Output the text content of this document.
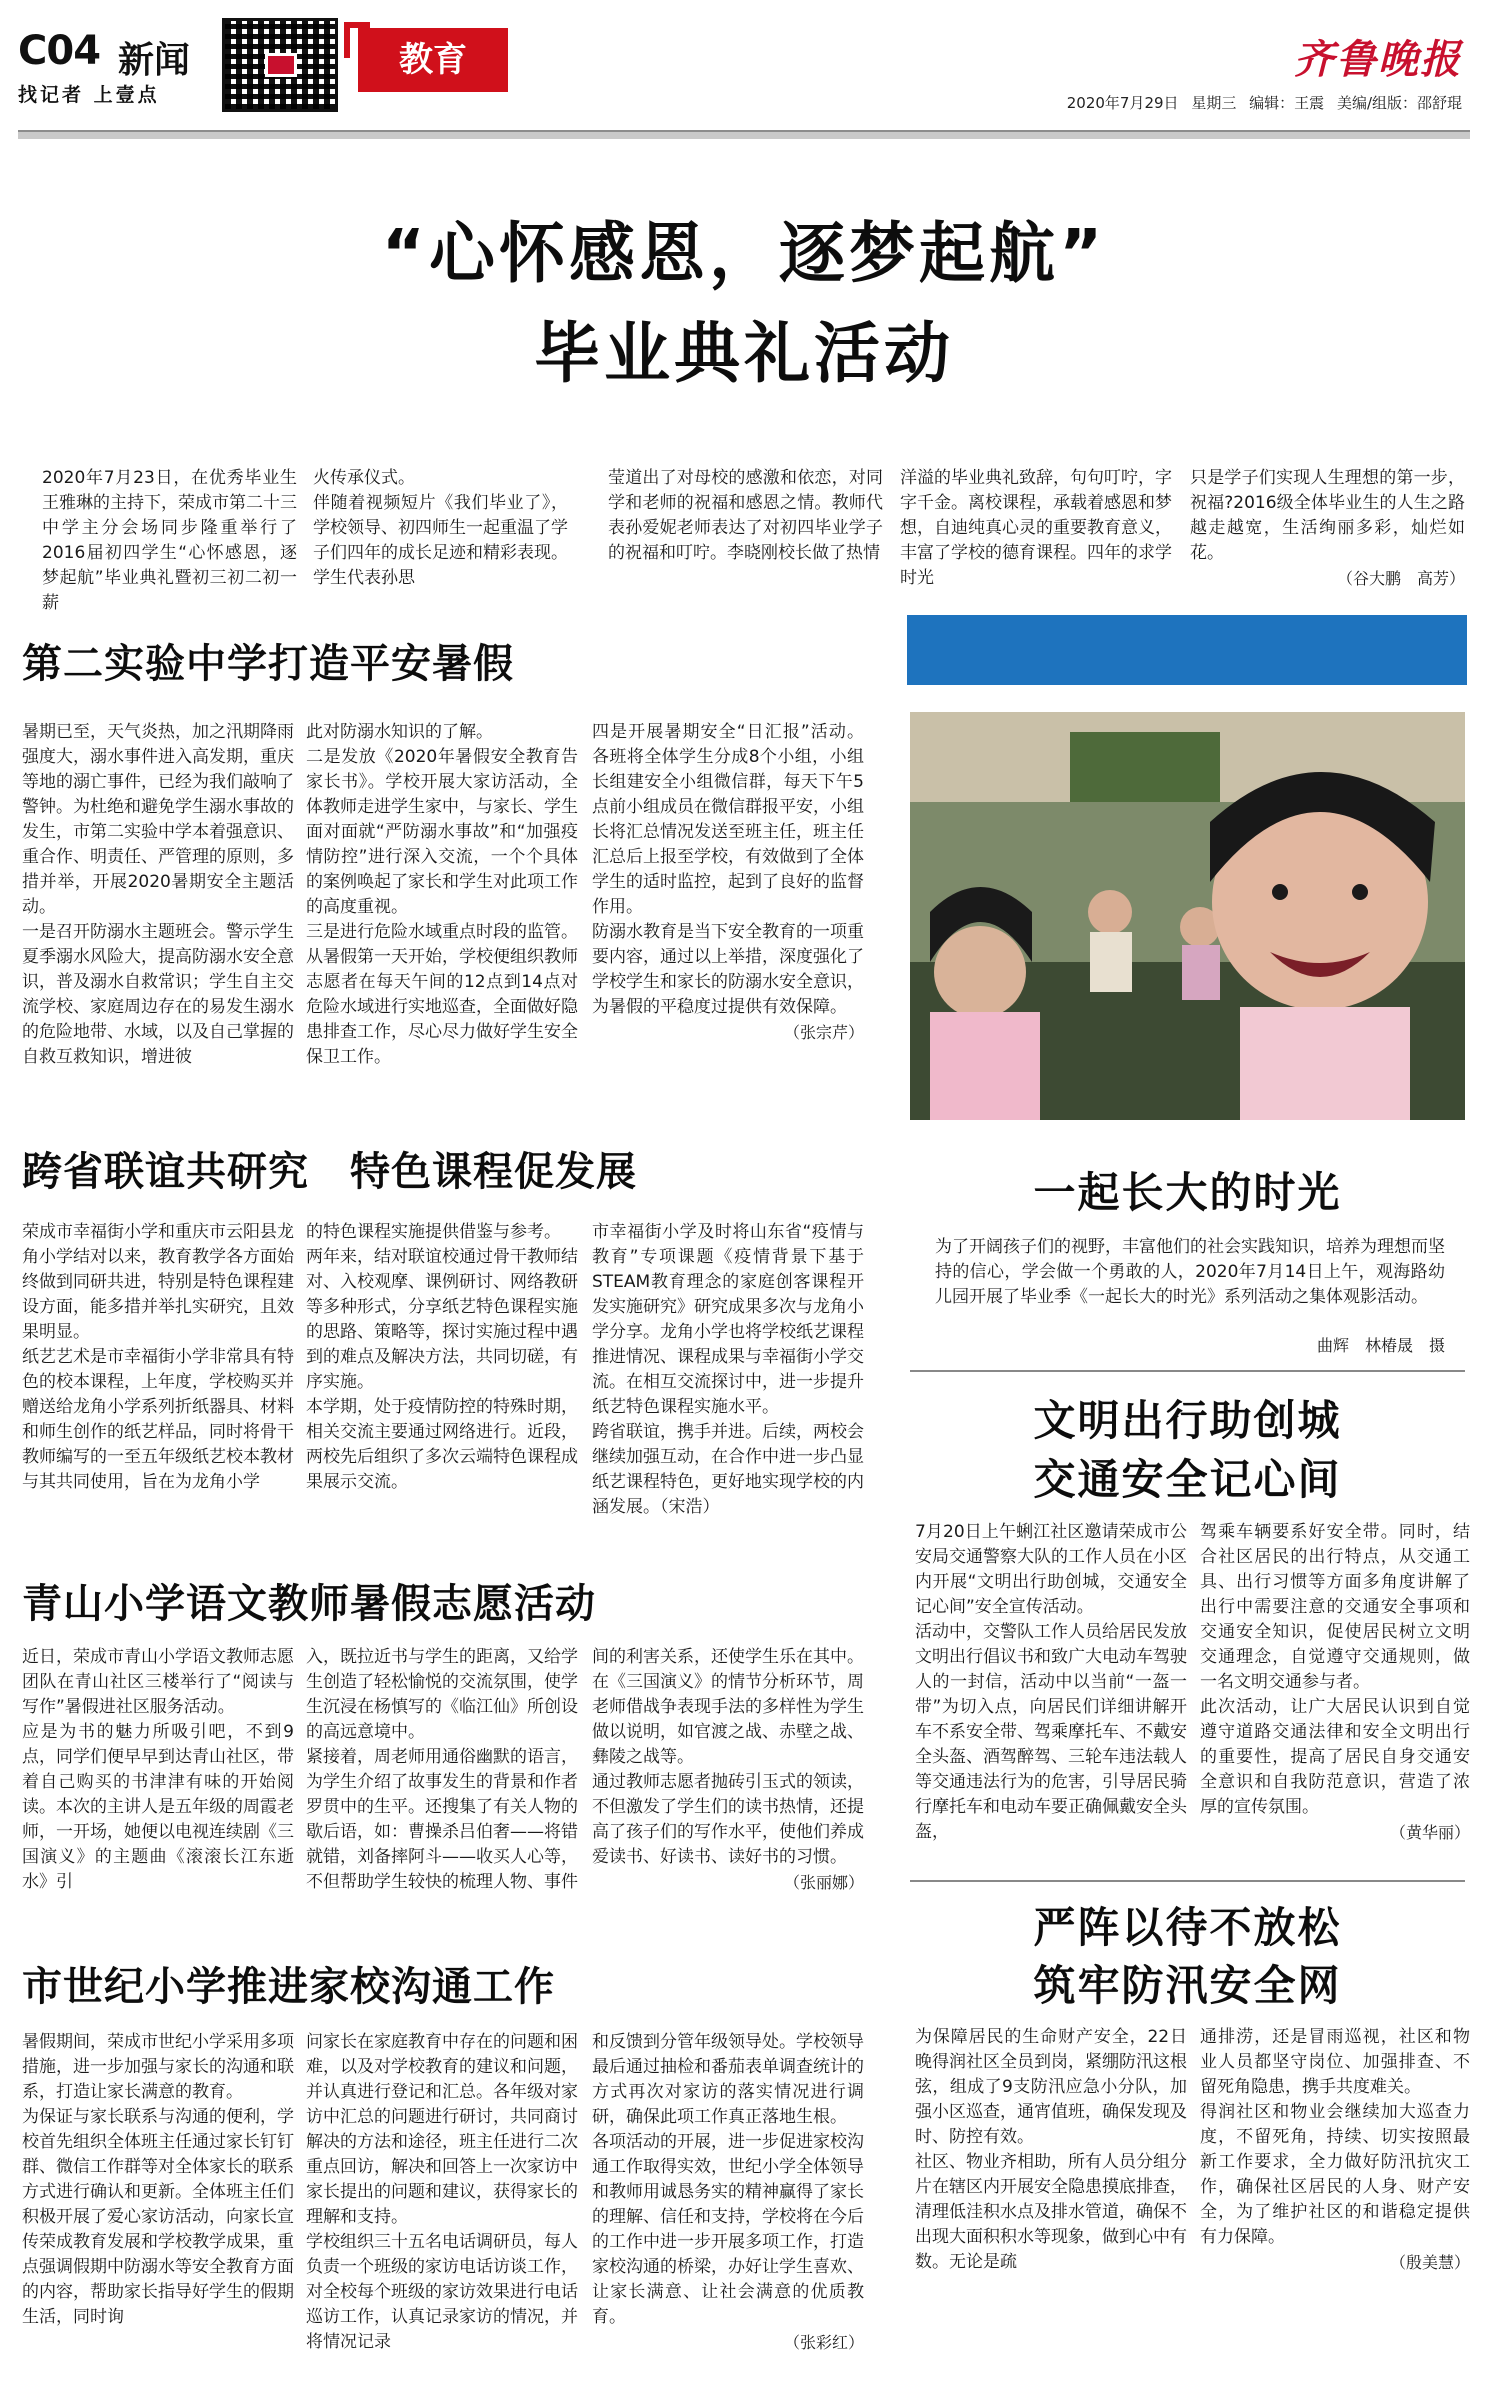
C04 新闻
找记者 上壹点
教育	齐鲁晚报
2020年7月29日 星期三 编辑：王震 美编/组版：邵舒琨
“心怀感恩，逐梦起航”
毕业典礼活动
2020年7月23日，在优秀毕业生王雅琳的主持下，荣成市第二十三中学主分会场同步隆重举行了2016届初四学生“心怀感恩，逐梦起航”毕业典礼暨初三初二初一薪

火传承仪式。
伴随着视频短片《我们毕业了》，学校领导、初四师生一起重温了学子们四年的成长足迹和精彩表现。学生代表孙思

莹道出了对母校的感激和依恋，对同学和老师的祝福和感恩之情。教师代表孙爱妮老师表达了对初四毕业学子的祝福和叮咛。李晓刚校长做了热情
洋溢的毕业典礼致辞，句句叮咛，字字千金。离校课程，承载着感恩和梦想，自迪纯真心灵的重要教育意义，丰富了学校的德育课程。四年的求学时光
只是学子们实现人生理想的第一步，祝福?2016级全体毕业生的人生之路越走越宽，生活绚丽多彩，灿烂如花。
（谷大鹏　高芳）
第二实验中学打造平安暑假
暑期已至，天气炎热，加之汛期降雨强度大，溺水事件进入高发期，重庆等地的溺亡事件，已经为我们敲响了警钟。为杜绝和避免学生溺水事故的发生，市第二实验中学本着强意识、重合作、明责任、严管理的原则，多措并举，开展2020暑期安全主题活动。
一是召开防溺水主题班会。警示学生夏季溺水风险大，提高防溺水安全意识，普及溺水自救常识；学生自主交流学校、家庭周边存在的易发生溺水的危险地带、水域，以及自己掌握的自救互救知识，增进彼
此对防溺水知识的了解。
二是发放《2020年暑假安全教育告家长书》。学校开展大家访活动，全体教师走进学生家中，与家长、学生面对面就“严防溺水事故”和“加强疫情防控”进行深入交流，一个个具体的案例唤起了家长和学生对此项工作的高度重视。
三是进行危险水域重点时段的监管。从暑假第一天开始，学校便组织教师志愿者在每天午间的12点到14点对危险水域进行实地巡查，全面做好隐患排查工作，尽心尽力做好学生安全保卫工作。
四是开展暑期安全“日汇报”活动。各班将全体学生分成8个小组，小组长组建安全小组微信群，每天下午5点前小组成员在微信群报平安，小组长将汇总情况发送至班主任，班主任汇总后上报至学校，有效做到了全体学生的适时监控，起到了良好的监督作用。
防溺水教育是当下安全教育的一项重要内容，通过以上举措，深度强化了学校学生和家长的防溺水安全意识，为暑假的平稳度过提供有效保障。
（张宗芹）
跨省联谊共研究　特色课程促发展
荣成市幸福街小学和重庆市云阳县龙角小学结对以来，教育教学各方面始终做到同研共进，特别是特色课程建设方面，能多措并举扎实研究，且效果明显。
纸艺艺术是市幸福街小学非常具有特色的校本课程，上年度，学校购买并赠送给龙角小学系列折纸器具、材料和师生创作的纸艺样品，同时将骨干教师编写的一至五年级纸艺校本教材与其共同使用，旨在为龙角小学
的特色课程实施提供借鉴与参考。
两年来，结对联谊校通过骨干教师结对、入校观摩、课例研讨、网络教研等多种形式，分享纸艺特色课程实施的思路、策略等，探讨实施过程中遇到的难点及解决方法，共同切磋，有序实施。
本学期，处于疫情防控的特殊时期，相关交流主要通过网络进行。近段，两校先后组织了多次云端特色课程成果展示交流。
市幸福街小学及时将山东省“疫情与教育”专项课题《疫情背景下基于STEAM教育理念的家庭创客课程开发实施研究》研究成果多次与龙角小学分享。龙角小学也将学校纸艺课程推进情况、课程成果与幸福街小学交流。在相互交流探讨中，进一步提升纸艺特色课程实施水平。
跨省联谊，携手并进。后续，两校会继续加强互动，在合作中进一步凸显纸艺课程特色，更好地实现学校的内涵发展。（宋浩）
一起长大的时光
为了开阔孩子们的视野，丰富他们的社会实践知识，培养为理想而坚持的信心，学会做一个勇敢的人，2020年7月14日上午，观海路幼儿园开展了毕业季《一起长大的时光》系列活动之集体观影活动。
曲辉　林椿晟　摄
青山小学语文教师暑假志愿活动
近日，荣成市青山小学语文教师志愿团队在青山社区三楼举行了“阅读与写作”暑假进社区服务活动。
应是为书的魅力所吸引吧，不到9点，同学们便早早到达青山社区，带着自己购买的书津津有味的开始阅读。本次的主讲人是五年级的周霞老师，一开场，她便以电视连续剧《三国演义》的主题曲《滚滚长江东逝水》引
入，既拉近书与学生的距离，又给学生创造了轻松愉悦的交流氛围，使学生沉浸在杨慎写的《临江仙》所创设的高远意境中。
紧接着，周老师用通俗幽默的语言，为学生介绍了故事发生的背景和作者罗贯中的生平。还搜集了有关人物的歇后语，如：曹操杀吕伯奢——将错就错，刘备摔阿斗——收买人心等，不但帮助学生较快的梳理人物、事件
间的利害关系，还使学生乐在其中。在《三国演义》的情节分析环节，周老师借战争表现手法的多样性为学生做以说明，如官渡之战、赤壁之战、彝陵之战等。
通过教师志愿者抛砖引玉式的领读，不但激发了学生们的读书热情，还提高了孩子们的写作水平，使他们养成爱读书、好读书、读好书的习惯。
（张丽娜）
文明出行助创城
交通安全记心间
7月20日上午蜊江社区邀请荣成市公安局交通警察大队的工作人员在小区内开展“文明出行助创城，交通安全记心间”安全宣传活动。
活动中，交警队工作人员给居民发放文明出行倡议书和致广大电动车驾驶人的一封信，活动中以当前“一盔一带”为切入点，向居民们详细讲解开车不系安全带、驾乘摩托车、不戴安全头盔、酒驾醉驾、三轮车违法载人等交通违法行为的危害，引导居民骑行摩托车和电动车要正确佩戴安全头盔，
驾乘车辆要系好安全带。同时，结合社区居民的出行特点，从交通工具、出行习惯等方面多角度讲解了出行中需要注意的交通安全事项和交通安全知识，促使居民树立文明交通理念，自觉遵守交通规则，做一名文明交通参与者。
此次活动，让广大居民认识到自觉遵守道路交通法律和安全文明出行的重要性，提高了居民自身交通安全意识和自我防范意识，营造了浓厚的宣传氛围。
（黄华丽）
市世纪小学推进家校沟通工作
暑假期间，荣成市世纪小学采用多项措施，进一步加强与家长的沟通和联系，打造让家长满意的教育。
为保证与家长联系与沟通的便利，学校首先组织全体班主任通过家长钉钉群、微信工作群等对全体家长的联系方式进行确认和更新。全体班主任们积极开展了爱心家访活动，向家长宣传荣成教育发展和学校教学成果，重点强调假期中防溺水等安全教育方面的内容，帮助家长指导好学生的假期生活，同时询
问家长在家庭教育中存在的问题和困难，以及对学校教育的建议和问题，并认真进行登记和汇总。各年级对家访中汇总的问题进行研讨，共同商讨解决的方法和途径，班主任进行二次重点回访，解决和回答上一次家访中家长提出的问题和建议，获得家长的理解和支持。
学校组织三十五名电话调研员，每人负责一个班级的家访电话访谈工作，对全校每个班级的家访效果进行电话巡访工作，认真记录家访的情况，并将情况记录
和反馈到分管年级领导处。学校领导最后通过抽检和番茄表单调查统计的方式再次对家访的落实情况进行调研，确保此项工作真正落地生根。
各项活动的开展，进一步促进家校沟通工作取得实效，世纪小学全体领导和教师用诚恳务实的精神赢得了家长的理解、信任和支持，学校将在今后的工作中进一步开展多项工作，打造家校沟通的桥梁，办好让学生喜欢、让家长满意、让社会满意的优质教育。
（张彩红）
严阵以待不放松
筑牢防汛安全网
为保障居民的生命财产安全，22日晚得润社区全员到岗，紧绷防汛这根弦，组成了9支防汛应急小分队，加强小区巡查，通宵值班，确保发现及时、防控有效。
社区、物业齐相助，所有人员分组分片在辖区内开展安全隐患摸底排查，清理低洼积水点及排水管道，确保不出现大面积积水等现象，做到心中有数。无论是疏
通排涝，还是冒雨巡视，社区和物业人员都坚守岗位、加强排查、不留死角隐患，携手共度难关。
得润社区和物业会继续加大巡查力度，不留死角，持续、切实按照最新工作要求，全力做好防汛抗灾工作，确保社区居民的人身、财产安全，为了维护社区的和谐稳定提供有力保障。
（殷美慧）
